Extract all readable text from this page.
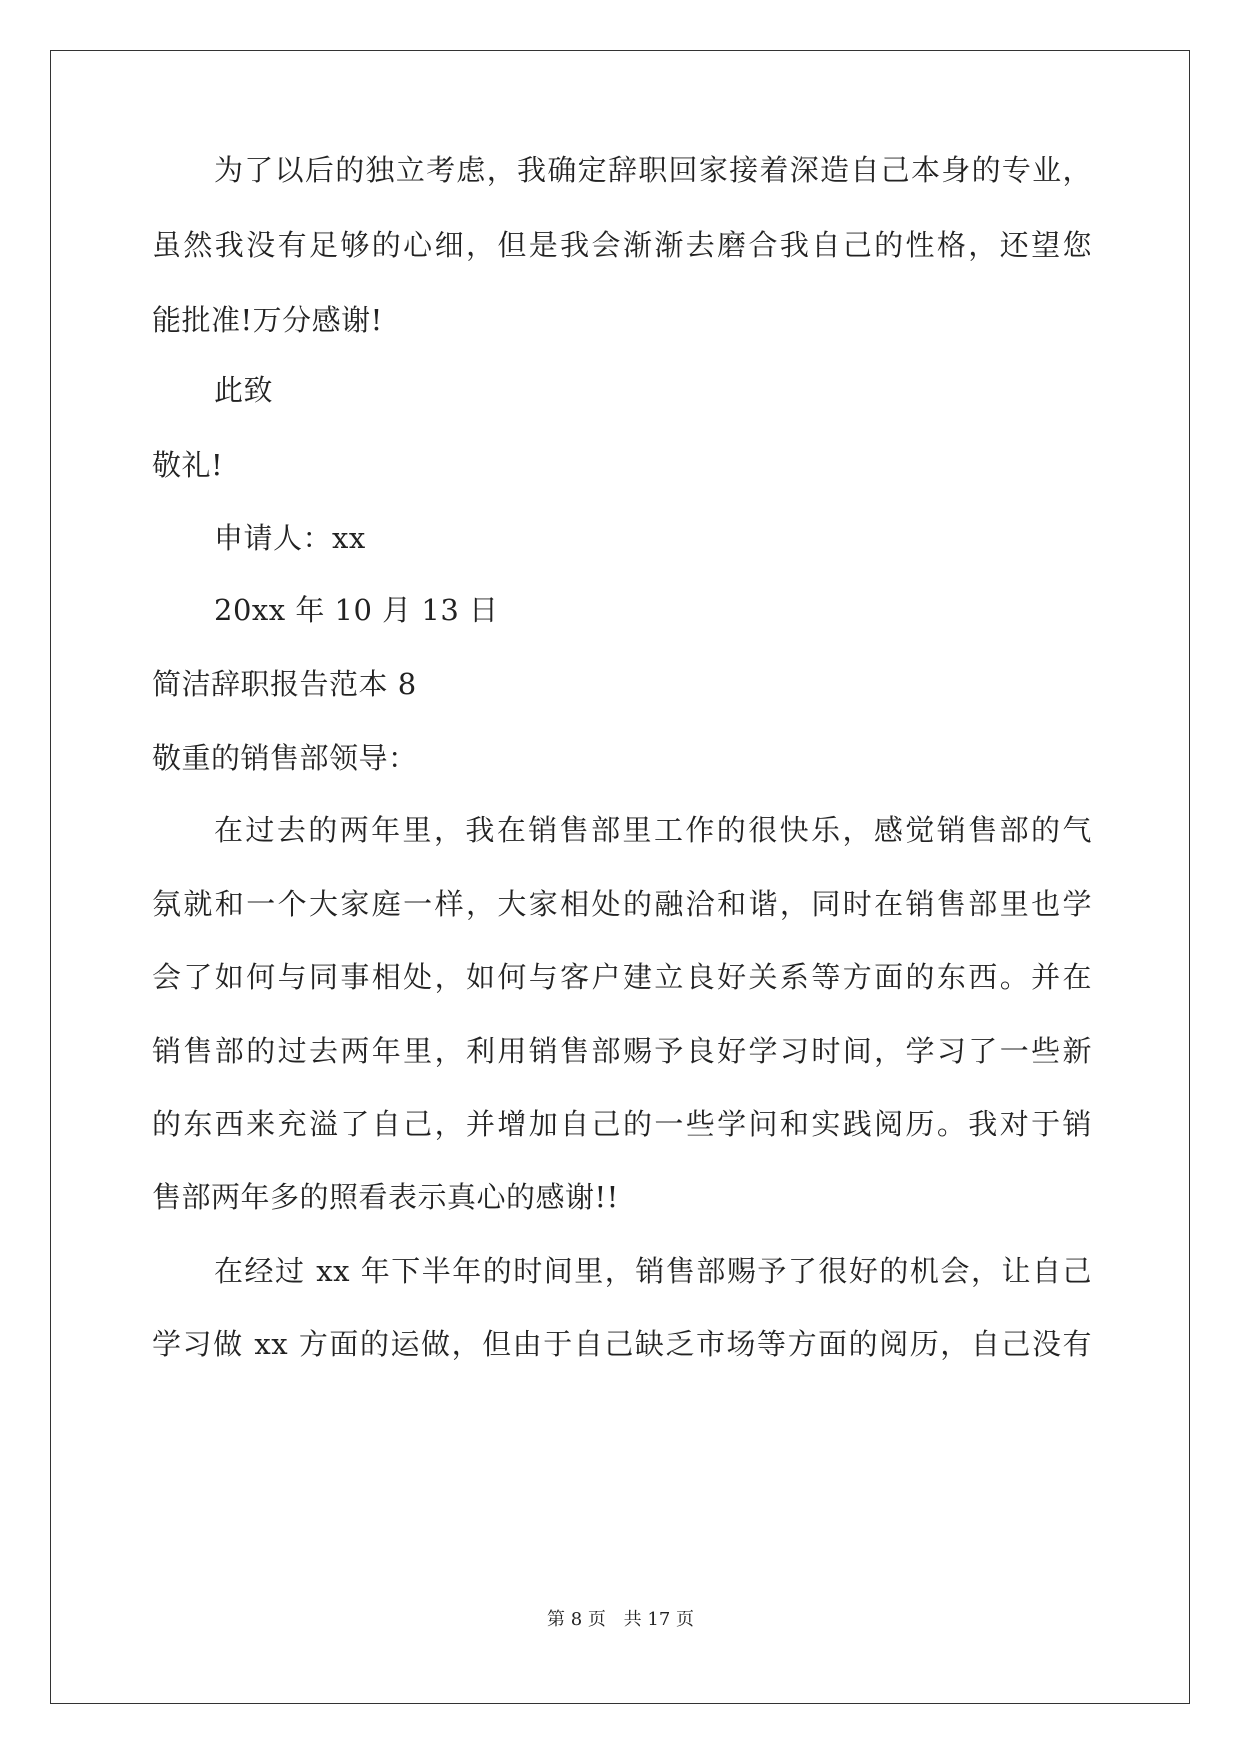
为了以后的独立考虑，我确定辞职回家接着深造自己本身的专业，
虽然我没有足够的心细，但是我会渐渐去磨合我自己的性格，还望您
能批准!万分感谢!
此致
敬礼!
申请人：xx
20xx 年 10 月 13 日
简洁辞职报告范本 8
敬重的销售部领导：
在过去的两年里，我在销售部里工作的很快乐，感觉销售部的气
氛就和一个大家庭一样，大家相处的融洽和谐，同时在销售部里也学
会了如何与同事相处，如何与客户建立良好关系等方面的东西。并在
销售部的过去两年里，利用销售部赐予良好学习时间，学习了一些新
的东西来充溢了自己，并增加自己的一些学问和实践阅历。我对于销
售部两年多的照看表示真心的感谢!!
在经过 xx 年下半年的时间里，销售部赐予了很好的机会，让自己
学习做 xx 方面的运做，但由于自己缺乏市场等方面的阅历，自己没有
第 8 页 共 17 页
